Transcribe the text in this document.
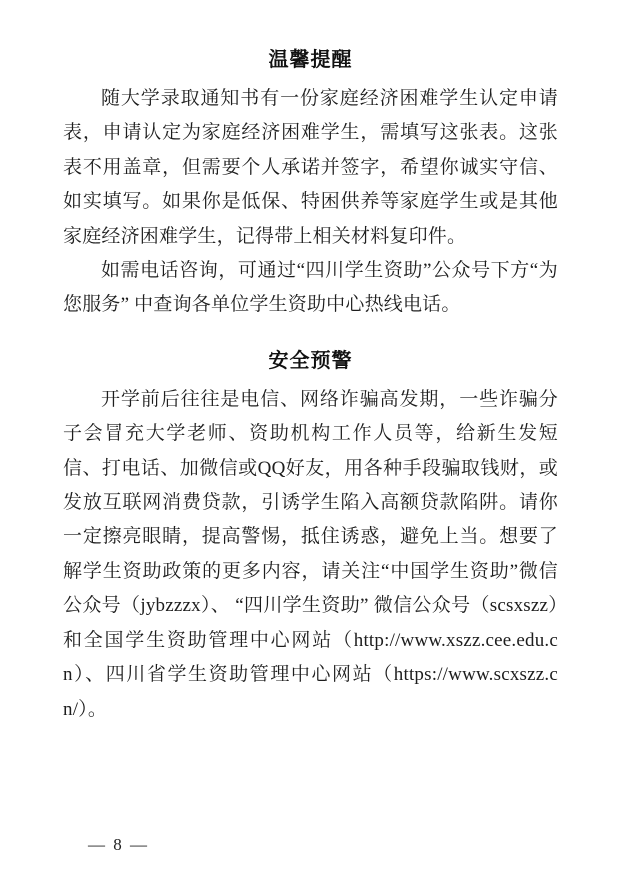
温馨提醒

随大学录取通知书有一份家庭经济困难学生认定申请表，申请认定为家庭经济困难学生，需填写这张表。这张表不用盖章，但需要个人承诺并签字，希望你诚实守信、如实填写。如果你是低保、特困供养等家庭学生或是其他家庭经济困难学生，记得带上相关材料复印件。

如需电话咨询，可通过“四川学生资助”公众号下方“为您服务” 中查询各单位学生资助中心热线电话。

安全预警

开学前后往往是电信、网络诈骗高发期，一些诈骗分子会冒充大学老师、资助机构工作人员等，给新生发短信、打电话、加微信或QQ好友，用各种手段骗取钱财，或发放互联网消费贷款，引诱学生陷入高额贷款陷阱。请你一定擦亮眼睛，提高警惕，抵住诱惑，避免上当。想要了解学生资助政策的更多内容，请关注“中国学生资助”微信公众号（jybzzzx）、 “四川学生资助” 微信公众号（scsxszz）和全国学生资助管理中心网站（http://www.xszz.cee.edu.cn）、四川省学生资助管理中心网站（https://www.scxszz.cn/）。

— 8 —
